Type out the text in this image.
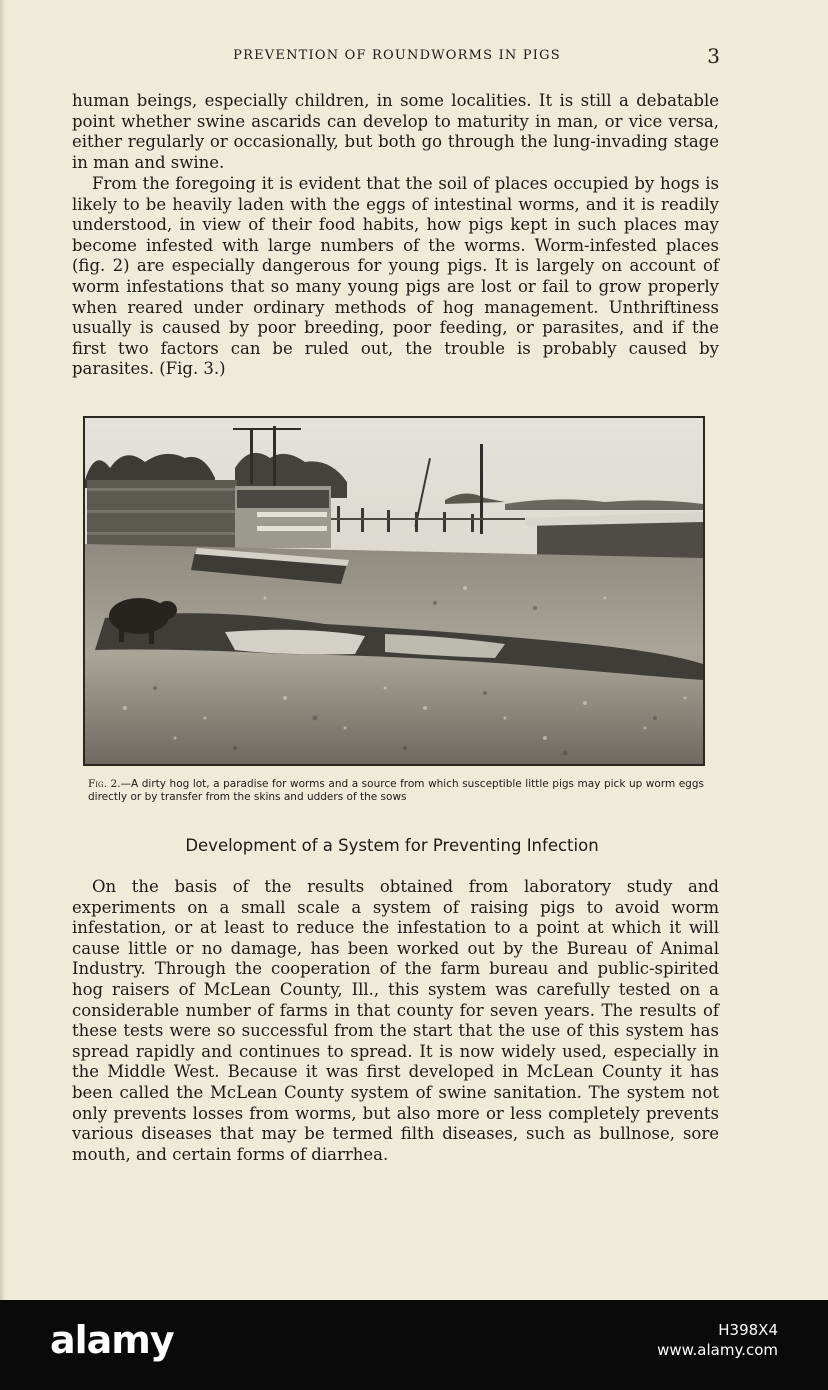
PREVENTION OF ROUNDWORMS IN PIGS	3

human beings, especially children, in some localities. It is still a debatable point whether swine ascarids can develop to maturity in man, or vice versa, either regularly or occasionally, but both go through the lung-invading stage in man and swine.

From the foregoing it is evident that the soil of places occupied by hogs is likely to be heavily laden with the eggs of intestinal worms, and it is readily understood, in view of their food habits, how pigs kept in such places may become infested with large numbers of the worms. Worm-infested places (fig. 2) are especially dangerous for young pigs. It is largely on account of worm infestations that so many young pigs are lost or fail to grow properly when reared under ordinary methods of hog management. Unthriftiness usually is caused by poor breeding, poor feeding, or parasites, and if the first two factors can be ruled out, the trouble is probably caused by parasites. (Fig. 3.)

Fig. 2.—A dirty hog lot, a paradise for worms and a source from which susceptible little pigs may pick up worm eggs directly or by transfer from the skins and udders of the sows

Development of a System for Preventing Infection

On the basis of the results obtained from laboratory study and experiments on a small scale a system of raising pigs to avoid worm infestation, or at least to reduce the infestation to a point at which it will cause little or no damage, has been worked out by the Bureau of Animal Industry. Through the cooperation of the farm bureau and public-spirited hog raisers of McLean County, Ill., this system was carefully tested on a considerable number of farms in that county for seven years. The results of these tests were so successful from the start that the use of this system has spread rapidly and continues to spread. It is now widely used, especially in the Middle West. Because it was first developed in McLean County it has been called the McLean County system of swine sanitation. The system not only prevents losses from worms, but also more or less completely prevents various diseases that may be termed filth diseases, such as bullnose, sore mouth, and certain forms of diarrhea.

alamy	H398X4
www.alamy.com
